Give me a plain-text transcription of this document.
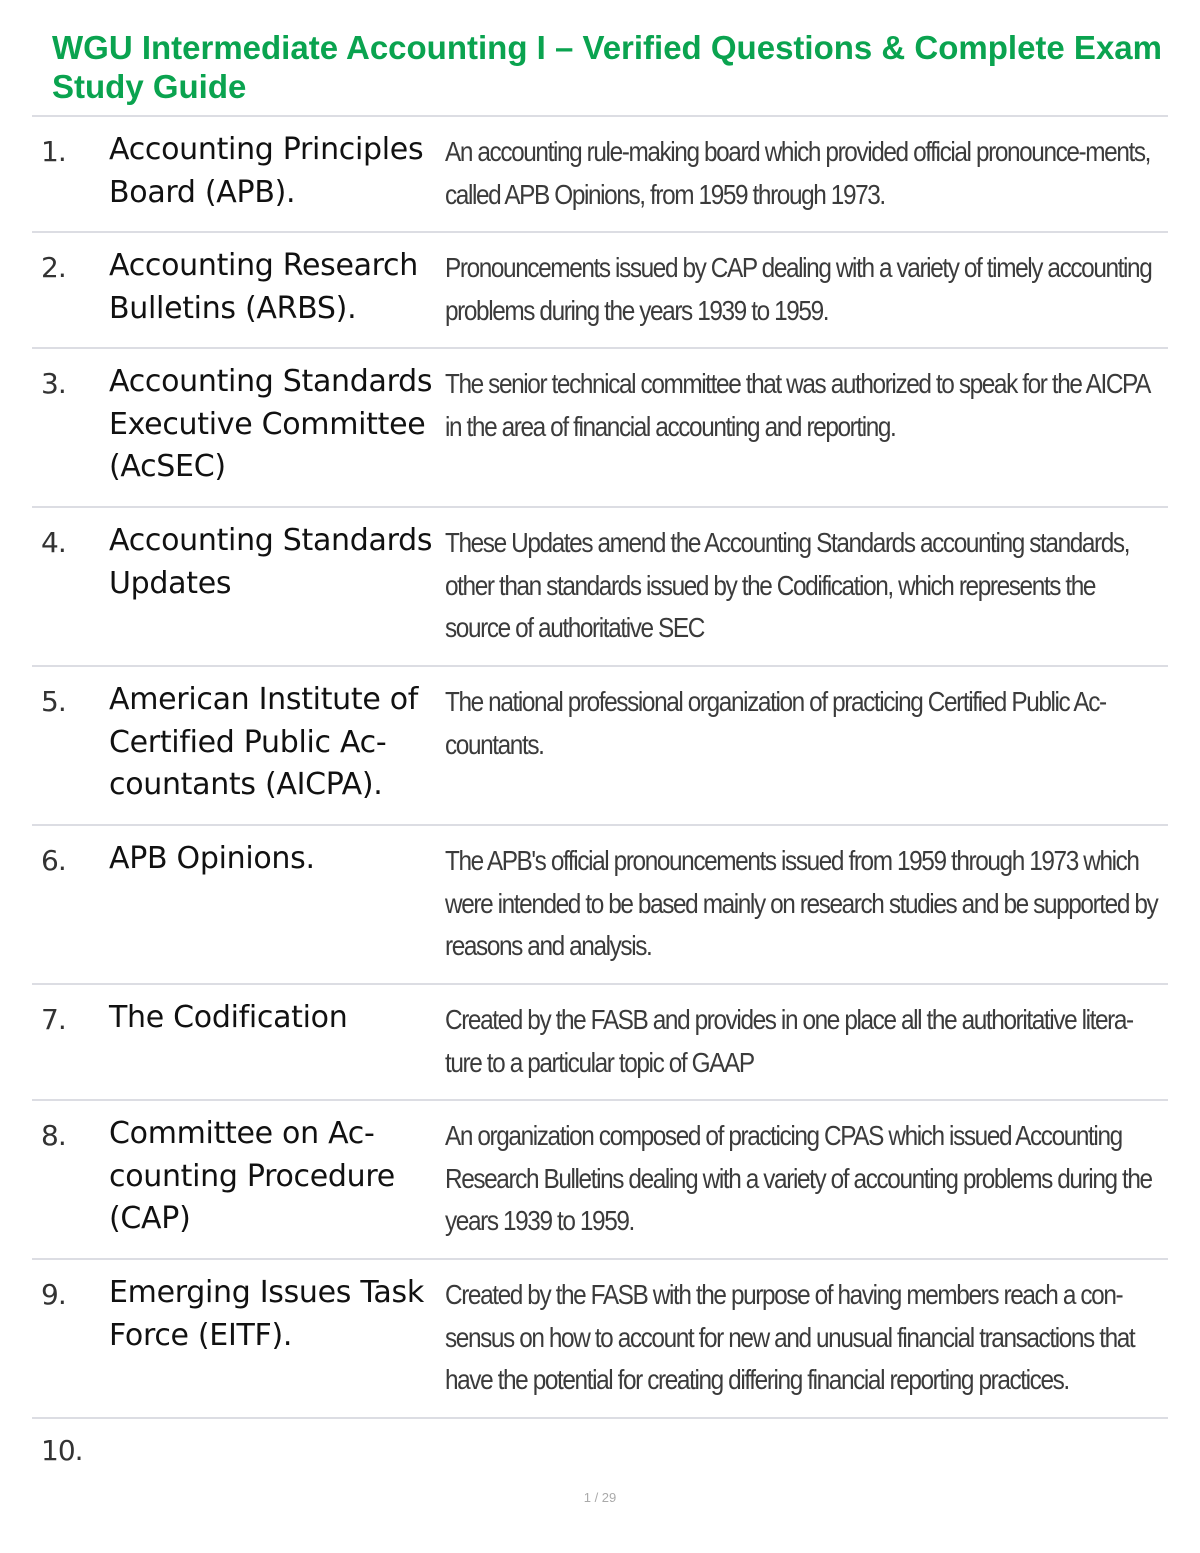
WGU Intermediate Accounting I – Verified Questions & Complete Exam Study Guide
1. Accounting Principles Board (APB).
An accounting rule-making board which provided official pronounce-ments, called APB Opinions, from 1959 through 1973.
2. Accounting Research Bulletins (ARBS).
Pronouncements issued by CAP dealing with a variety of timely accounting problems during the years 1939 to 1959.
3. Accounting Standards Executive Committee (AcSEC)
The senior technical committee that was authorized to speak for the AICPA in the area of financial accounting and reporting.
4. Accounting Standards Updates
These Updates amend the Accounting Standards accounting standards, other than standards issued by the Codification, which represents the source of authoritative SEC
5. American Institute of Certified Public Ac-countants (AICPA).
The national professional organization of practicing Certified Public Ac-countants.
6. APB Opinions.	The APB's official pronouncements issued from 1959 through 1973 which were intended to be based mainly on research studies and be supported by reasons and analysis.
7. The Codification	Created by the FASB and provides in one place all the authoritative litera-ture to a particular topic of GAAP
8. Committee on Ac-counting Procedure (CAP)
An organization composed of practicing CPAS which issued Accounting Research Bulletins dealing with a variety of accounting problems during the years 1939 to 1959.
9. Emerging Issues Task Force (EITF).
Created by the FASB with the purpose of having members reach a con-sensus on how to account for new and unusual financial transactions that have the potential for creating differing financial reporting practices.
10.
1 / 29
